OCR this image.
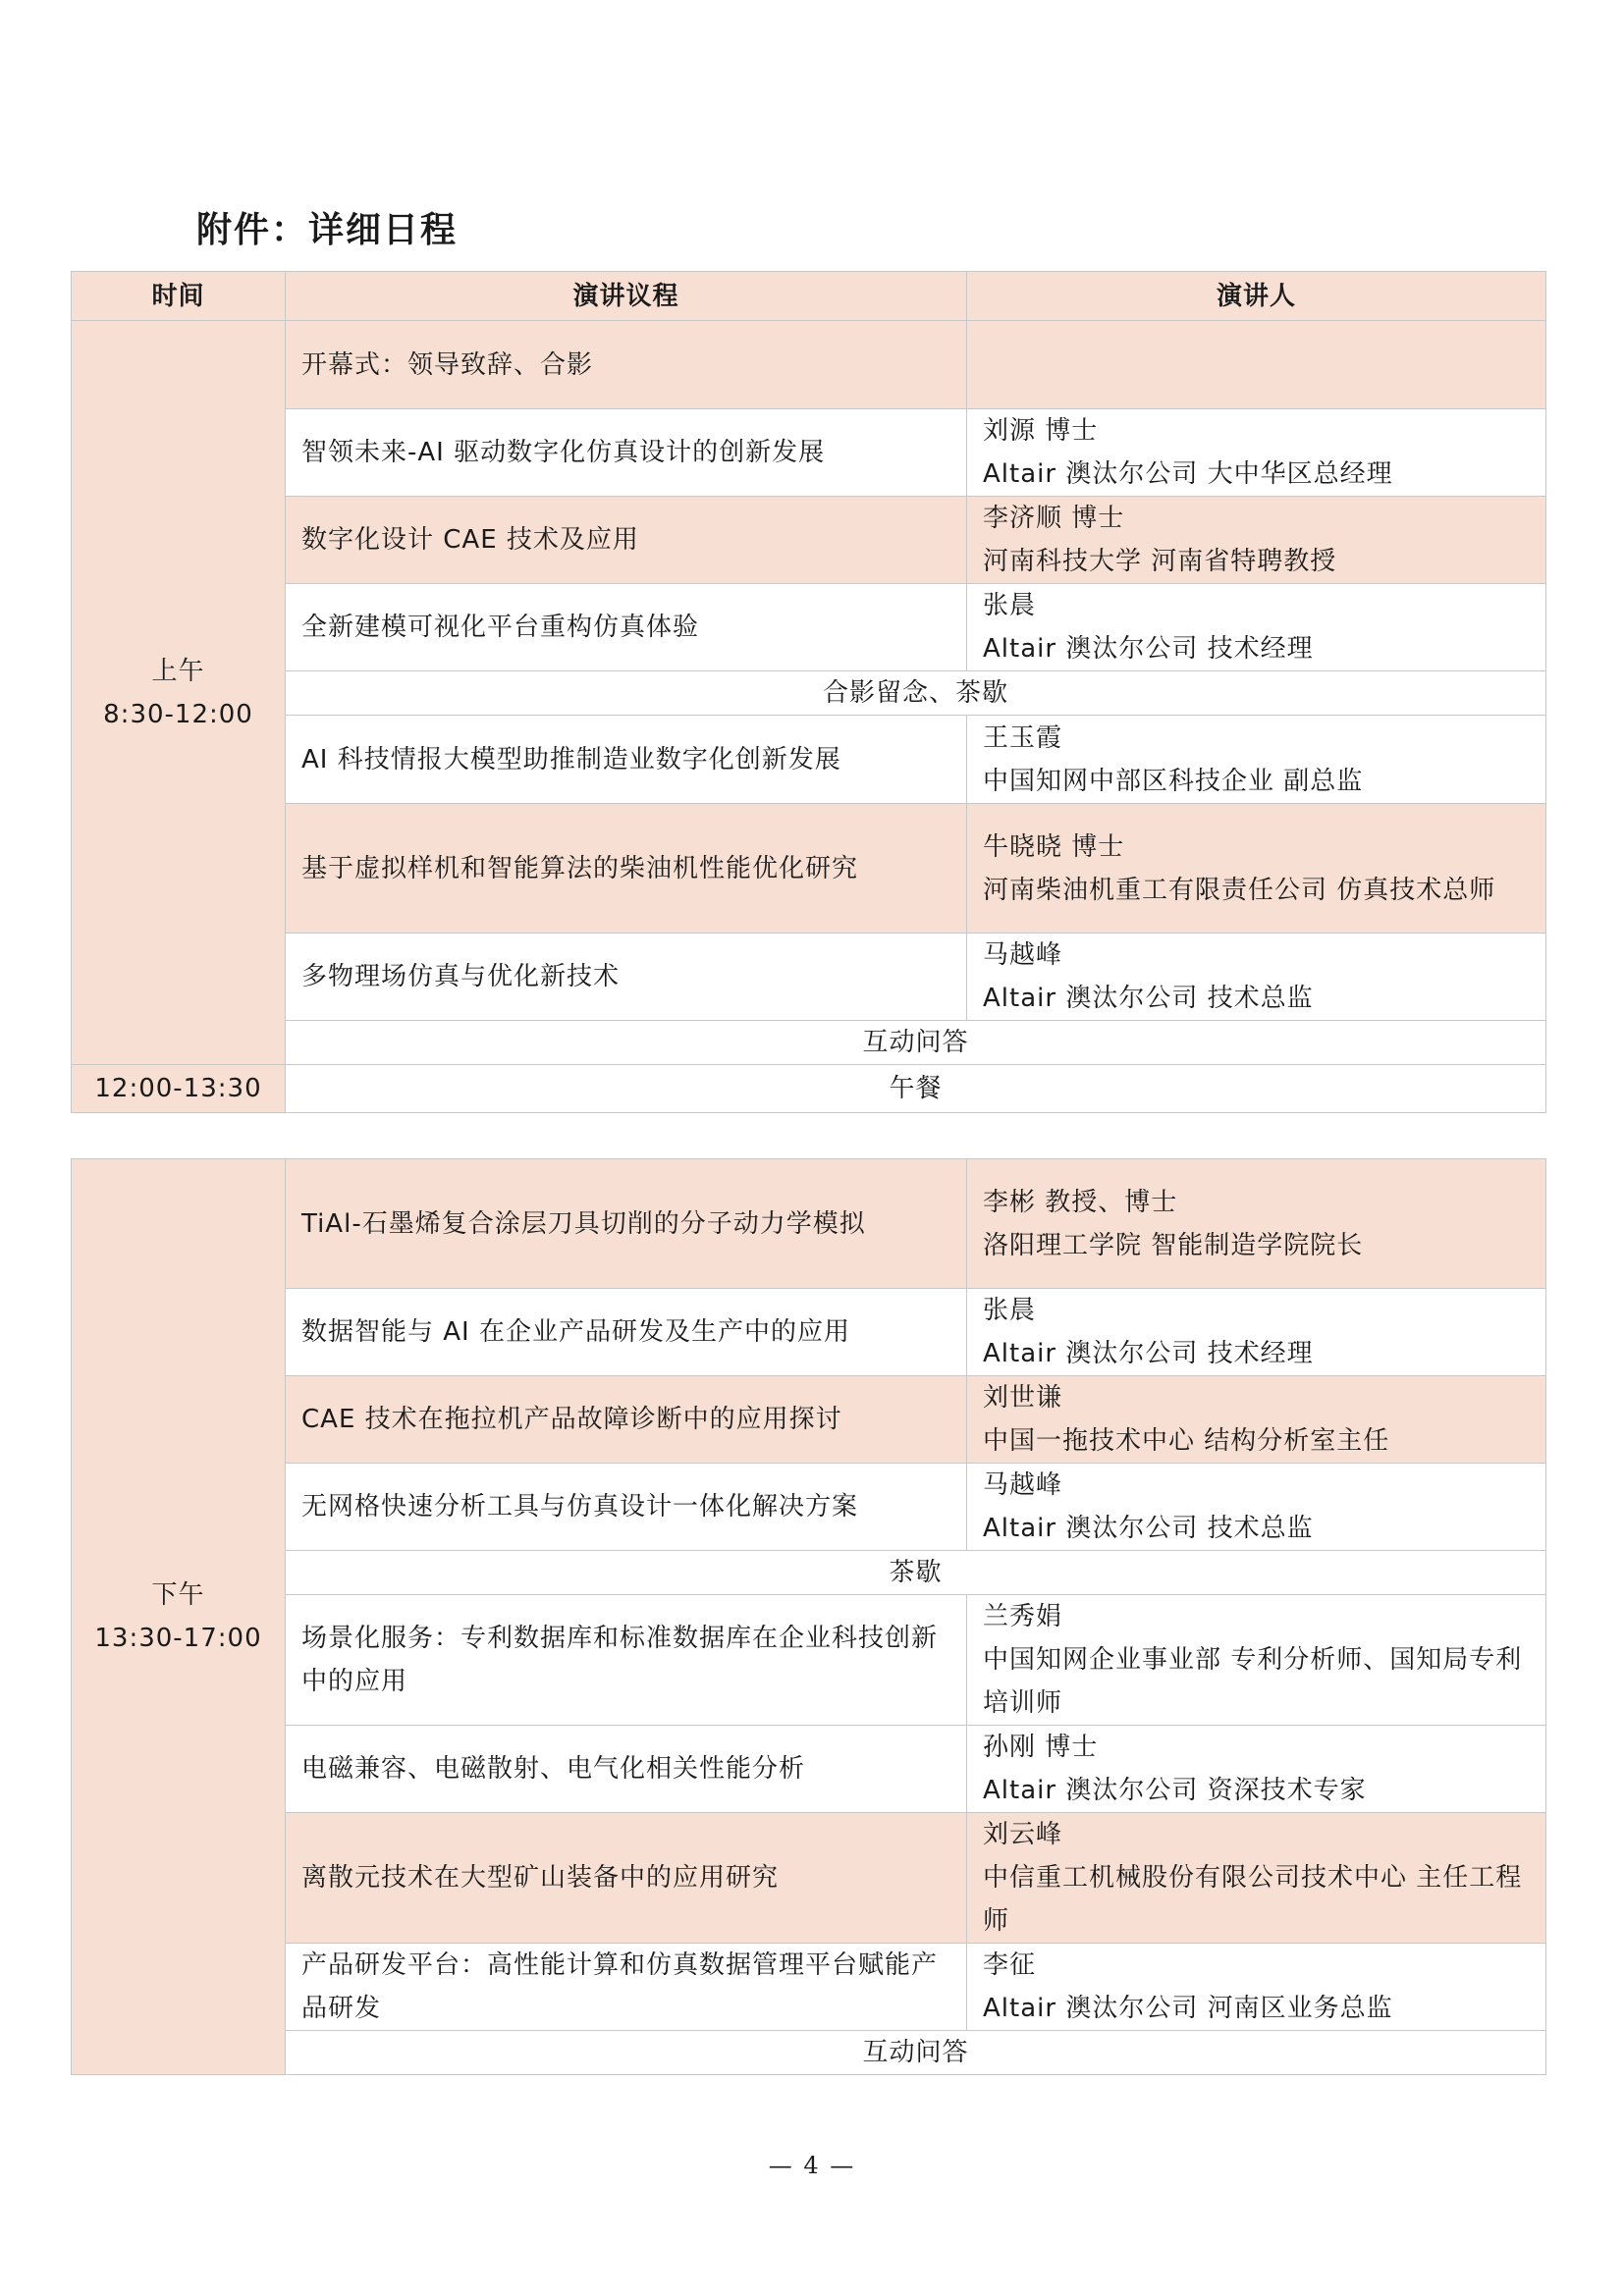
附件：详细日程
时间	演讲议程	演讲人

上午
8:30-12:00	开幕式：领导致辞、合影	

	智领未来-AI 驱动数字化仿真设计的创新发展	刘源 博士
Altair 澳汰尔公司 大中华区总经理

	数字化设计 CAE 技术及应用	李济顺 博士
河南科技大学 河南省特聘教授

	全新建模可视化平台重构仿真体验	张晨
Altair 澳汰尔公司 技术经理

	合影留念、茶歇	

	AI 科技情报大模型助推制造业数字化创新发展	王玉霞
中国知网中部区科技企业 副总监

	基于虚拟样机和智能算法的柴油机性能优化研究	牛晓晓 博士
河南柴油机重工有限责任公司 仿真技术总师

	多物理场仿真与优化新技术	马越峰
Altair 澳汰尔公司 技术总监

	互动问答	
12:00-13:30	午餐	
下午
13:30-17:00	TiAl-石墨烯复合涂层刀具切削的分子动力学模拟	李彬 教授、博士
洛阳理工学院 智能制造学院院长

	数据智能与 AI 在企业产品研发及生产中的应用	张晨
Altair 澳汰尔公司 技术经理

	CAE 技术在拖拉机产品故障诊断中的应用探讨	刘世谦
中国一拖技术中心 结构分析室主任

	无网格快速分析工具与仿真设计一体化解决方案	马越峰
Altair 澳汰尔公司 技术总监

	茶歇	

	场景化服务：专利数据库和标准数据库在企业科技创新中的应用	兰秀娟
中国知网企业事业部 专利分析师、国知局专利培训师

	电磁兼容、电磁散射、电气化相关性能分析	孙刚 博士
Altair 澳汰尔公司 资深技术专家

	离散元技术在大型矿山装备中的应用研究	刘云峰
中信重工机械股份有限公司技术中心 主任工程师

	产品研发平台：高性能计算和仿真数据管理平台赋能产品研发	李征
Altair 澳汰尔公司 河南区业务总监

	互动问答	
— 4 —
